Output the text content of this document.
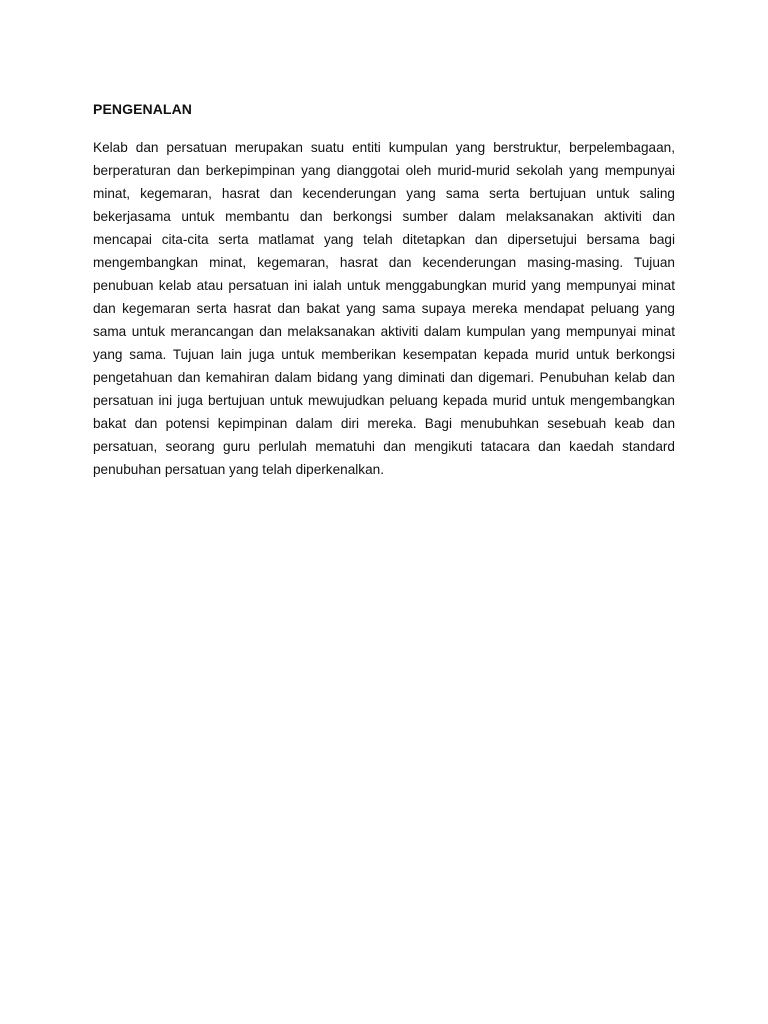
PENGENALAN

Kelab dan persatuan merupakan suatu entiti kumpulan yang berstruktur, berpelembagaan, berperaturan dan berkepimpinan yang dianggotai oleh murid-murid sekolah yang mempunyai minat, kegemaran, hasrat dan kecenderungan yang sama serta bertujuan untuk saling bekerjasama untuk membantu dan berkongsi sumber dalam melaksanakan aktiviti dan mencapai cita-cita serta matlamat yang telah ditetapkan dan dipersetujui bersama bagi mengembangkan minat, kegemaran, hasrat dan kecenderungan masing-masing. Tujuan penubuan kelab atau persatuan ini ialah untuk menggabungkan murid yang mempunyai minat dan kegemaran serta hasrat dan bakat yang sama supaya mereka mendapat peluang yang sama untuk merancangan dan melaksanakan aktiviti dalam kumpulan yang mempunyai minat yang sama. Tujuan lain juga untuk memberikan kesempatan kepada murid untuk berkongsi pengetahuan dan kemahiran dalam bidang yang diminati dan digemari. Penubuhan kelab dan persatuan ini juga bertujuan untuk mewujudkan peluang kepada murid untuk mengembangkan bakat dan potensi kepimpinan dalam diri mereka. Bagi menubuhkan sesebuah keab dan persatuan, seorang guru perlulah mematuhi dan mengikuti tatacara dan kaedah standard penubuhan persatuan yang telah diperkenalkan.
